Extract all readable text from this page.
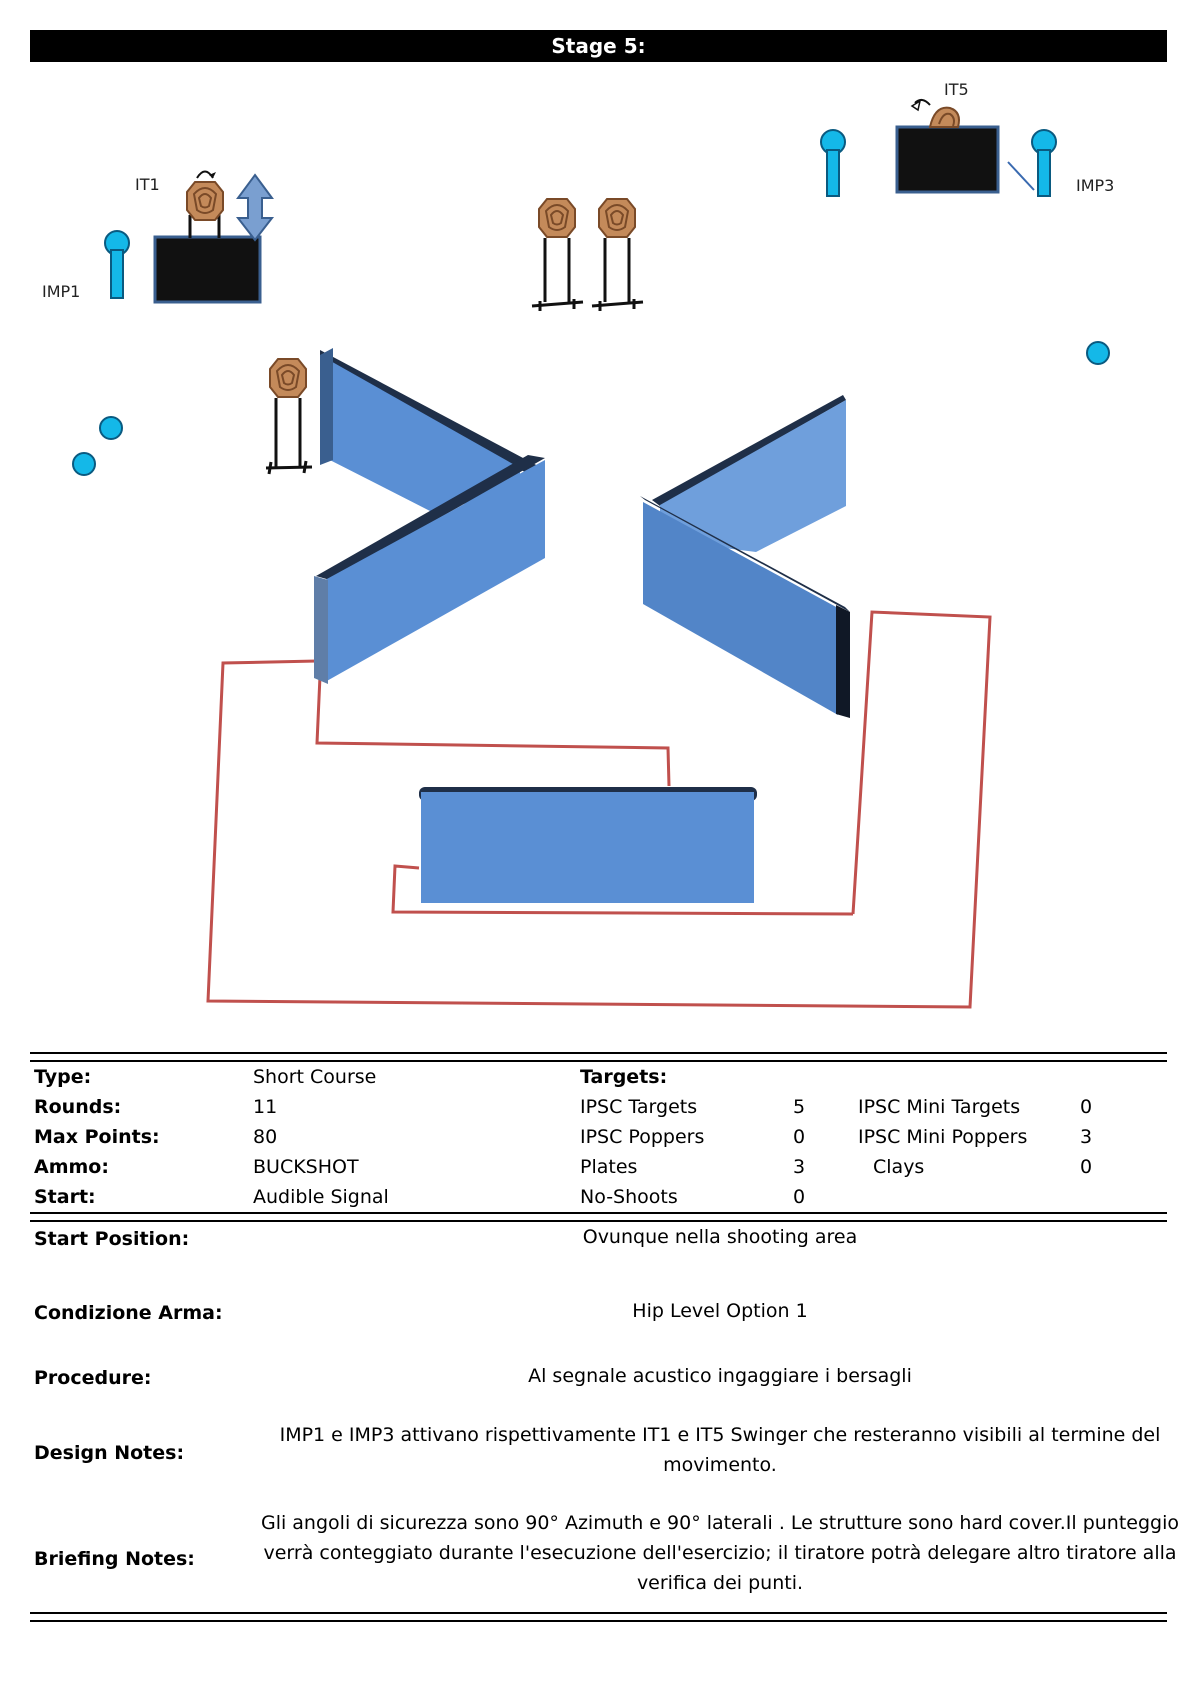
Stage 5:
IT1
IMP1
IT5
IMP3
Type:	Short Course	Targets:
Rounds:	11	IPSC Targets	5	IPSC Mini Targets	0
Max Points:	80	IPSC Poppers	0	IPSC Mini Poppers	3
Ammo:	BUCKSHOT	Plates	3	Clays	0
Start:	Audible Signal	No-Shoots	0
Start Position:	Ovunque nella shooting area
Condizione Arma:	Hip Level Option 1
Procedure:	Al segnale acustico ingaggiare i bersagli
Design Notes:
IMP1 e IMP3 attivano rispettivamente IT1 e IT5 Swinger che resteranno visibili al termine del movimento.
Briefing Notes:
Gli angoli di sicurezza sono 90° Azimuth e 90° laterali . Le strutture sono hard cover.Il punteggio verrà conteggiato durante l'esecuzione dell'esercizio; il tiratore potrà delegare altro tiratore alla verifica dei punti.
